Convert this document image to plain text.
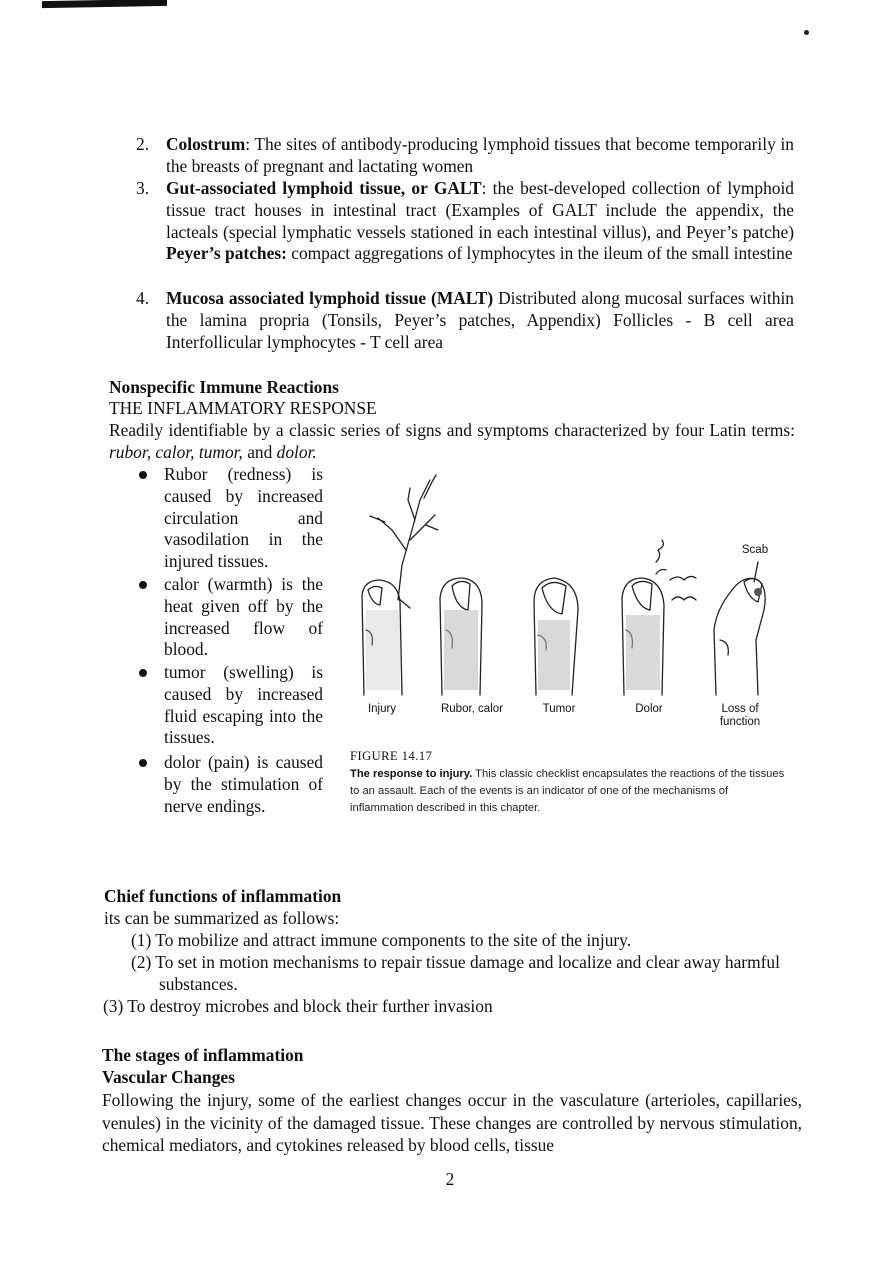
2. Colostrum: The sites of antibody-producing lymphoid tissues that become temporarily in the breasts of pregnant and lactating women
3. Gut-associated lymphoid tissue, or GALT: the best-developed collection of lymphoid tissue tract houses in intestinal tract (Examples of GALT include the appendix, the lacteals (special lymphatic vessels stationed in each intestinal villus), and Peyer’s patche) Peyer’s patches: compact aggregations of lymphocytes in the ileum of the small intestine
4. Mucosa associated lymphoid tissue (MALT) Distributed along mucosal surfaces within the lamina propria (Tonsils, Peyer’s patches, Appendix) Follicles - B cell area Interfollicular lymphocytes - T cell area
Nonspecific Immune Reactions
THE INFLAMMATORY RESPONSE
Readily identifiable by a classic series of signs and symptoms characterized by four Latin terms: rubor, calor, tumor, and dolor.
Rubor (redness) is caused by increased circulation and vasodilation in the injured tissues.
calor (warmth) is the heat given off by the increased flow of blood.
tumor (swelling) is caused by increased fluid escaping into the tissues.
dolor (pain) is caused by the stimulation of nerve endings.
Scab
Injury	Rubor, calor	Tumor	Dolor	Loss of function
FIGURE 14.17
The response to injury. This classic checklist encapsulates the reactions of the tissues to an assault. Each of the events is an indicator of one of the mechanisms of inflammation described in this chapter.
Chief functions of inflammation
its can be summarized as follows:
(1) To mobilize and attract immune components to the site of the injury.
(2) To set in motion mechanisms to repair tissue damage and localize and clear away harmful substances.
(3) To destroy microbes and block their further invasion
The stages of inflammation
Vascular Changes
Following the injury, some of the earliest changes occur in the vasculature (arterioles, capillaries, venules) in the vicinity of the damaged tissue. These changes are controlled by nervous stimulation, chemical mediators, and cytokines released by blood cells, tissue
2
